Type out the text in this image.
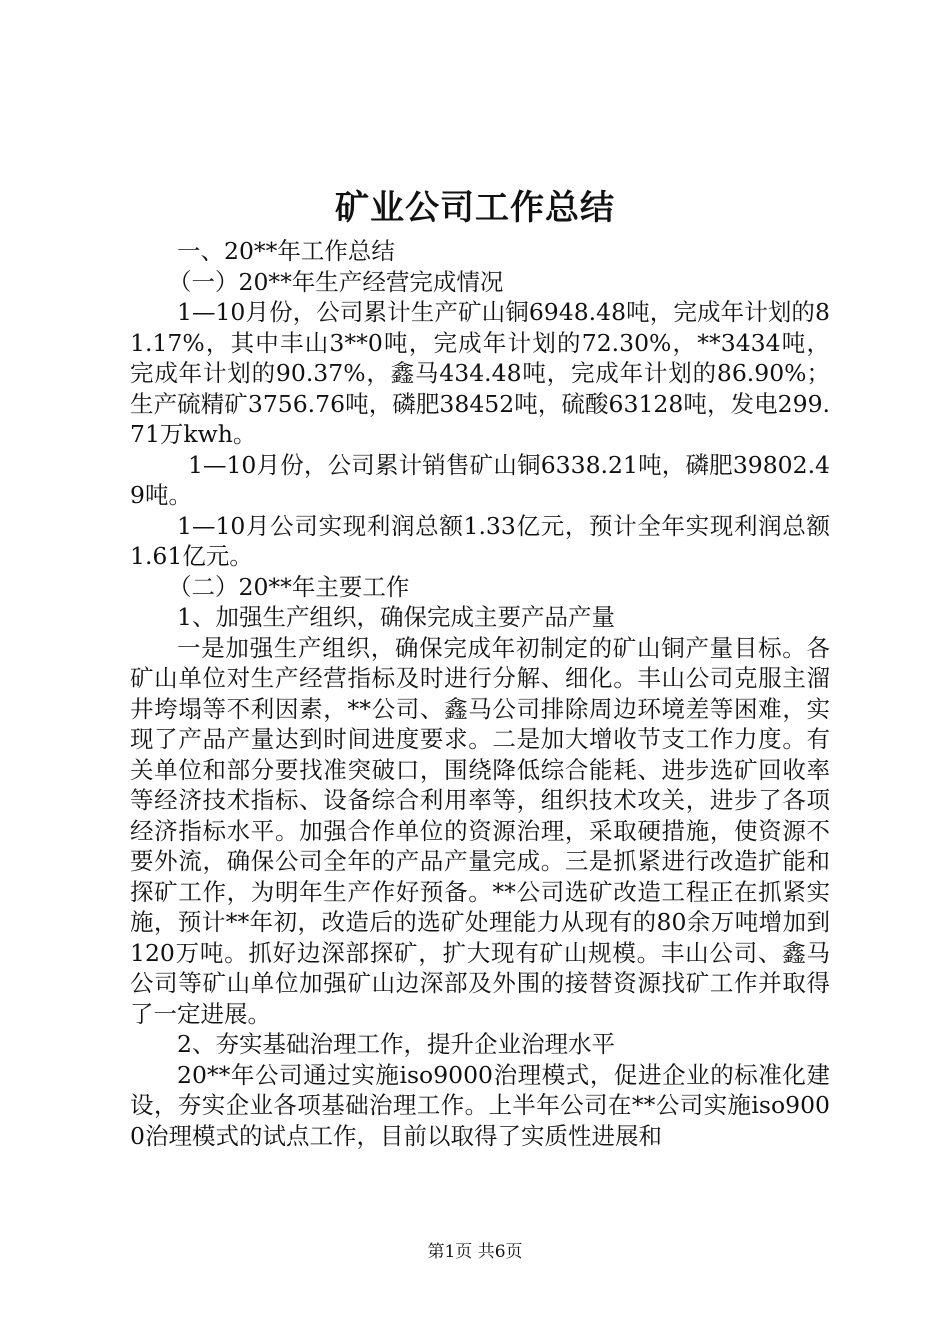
矿业公司工作总结

一、20**年工作总结

（一）20**年生产经营完成情况

1—10月份，公司累计生产矿山铜6948.48吨，完成年计划的81.17%，其中丰山3**0吨，完成年计划的72.30%，**3434吨，完成年计划的90.37%，鑫马434.48吨，完成年计划的86.90%；生产硫精矿3756.76吨，磷肥38452吨，硫酸63128吨，发电299.71万kwh。

1—10月份，公司累计销售矿山铜6338.21吨，磷肥39802.49吨。

1—10月公司实现利润总额1.33亿元，预计全年实现利润总额1.61亿元。

（二）20**年主要工作

1、加强生产组织，确保完成主要产品产量

一是加强生产组织，确保完成年初制定的矿山铜产量目标。各矿山单位对生产经营指标及时进行分解、细化。丰山公司克服主溜井垮塌等不利因素，**公司、鑫马公司排除周边环境差等困难，实现了产品产量达到时间进度要求。二是加大增收节支工作力度。有关单位和部分要找准突破口，围绕降低综合能耗、进步选矿回收率等经济技术指标、设备综合利用率等，组织技术攻关，进步了各项经济指标水平。加强合作单位的资源治理，采取硬措施，使资源不要外流，确保公司全年的产品产量完成。三是抓紧进行改造扩能和探矿工作，为明年生产作好预备。**公司选矿改造工程正在抓紧实施，预计**年初，改造后的选矿处理能力从现有的80余万吨增加到120万吨。抓好边深部探矿，扩大现有矿山规模。丰山公司、鑫马公司等矿山单位加强矿山边深部及外围的接替资源找矿工作并取得了一定进展。

2、夯实基础治理工作，提升企业治理水平

20**年公司通过实施iso9000治理模式，促进企业的标准化建设，夯实企业各项基础治理工作。上半年公司在**公司实施iso9000治理模式的试点工作，目前以取得了实质性进展和

第1页 共6页
